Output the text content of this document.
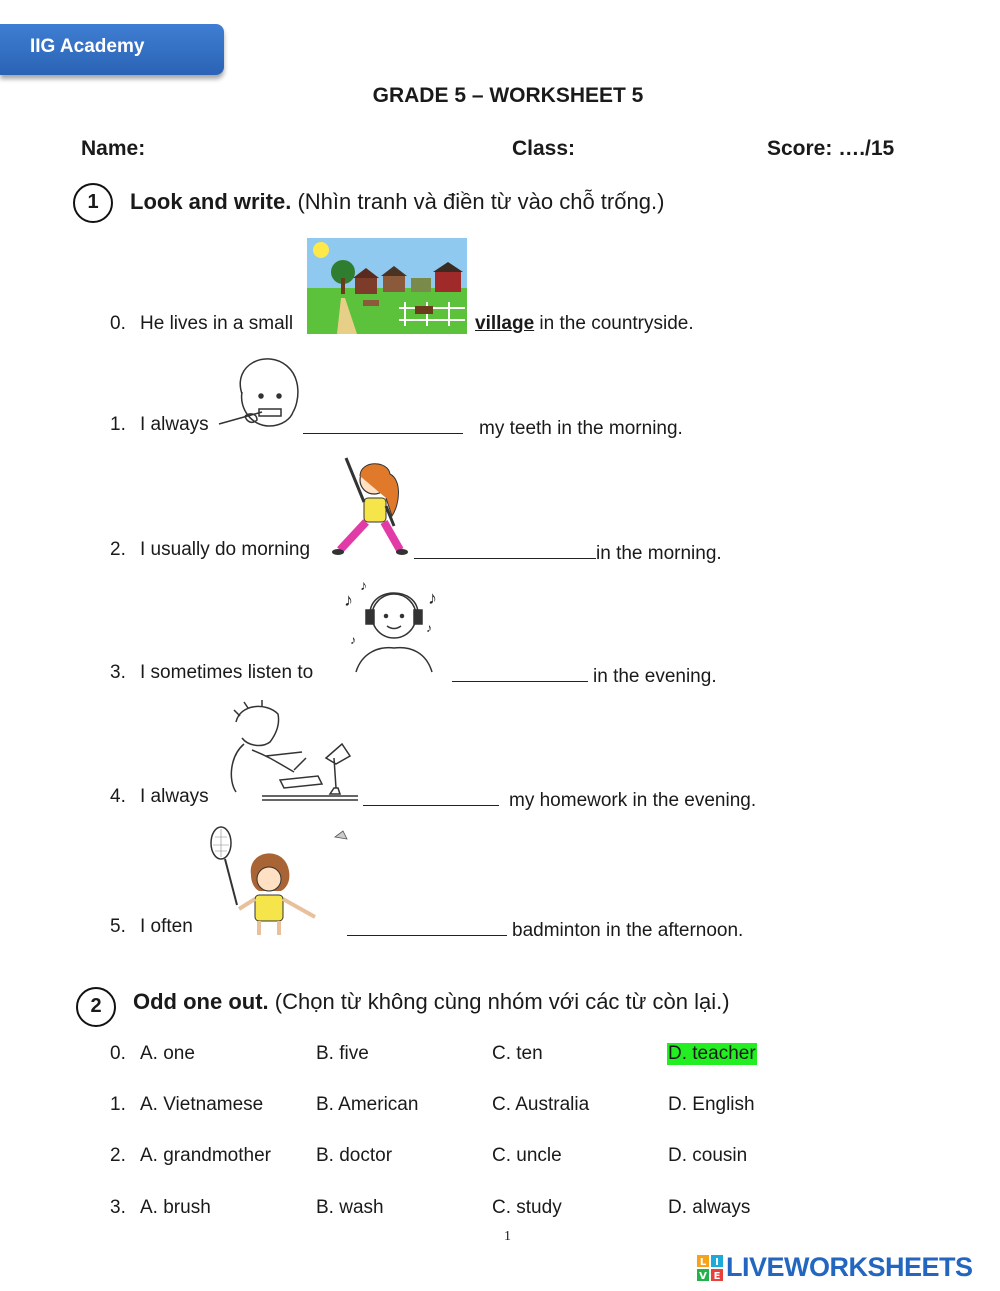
IIG Academy
GRADE 5 – WORKSHEET 5
Name:	Class:	Score: …./15
1	Look and write. (Nhìn tranh và điền từ vào chỗ trống.)
0. He lives in a small	village in the countryside.
1. I always	my teeth in the morning.
2. I usually do morning	in the morning.
3. I sometimes listen to
♪
♪
♪
♪
♪
in the evening.
4. I always	my homework in the evening.
5. I often	badminton in the afternoon.
2	Odd one out. (Chọn từ không cùng nhóm với các từ còn lại.)
0. A. one	B. five	C. ten	D. teacher
1. A. Vietnamese	B. American	C. Australia	D. English
2. A. grandmother B. doctor	C. uncle	D. cousin
3. A. brush	B. wash	C. study	D. always
1
L I
V E LIVEWORKSHEETS
